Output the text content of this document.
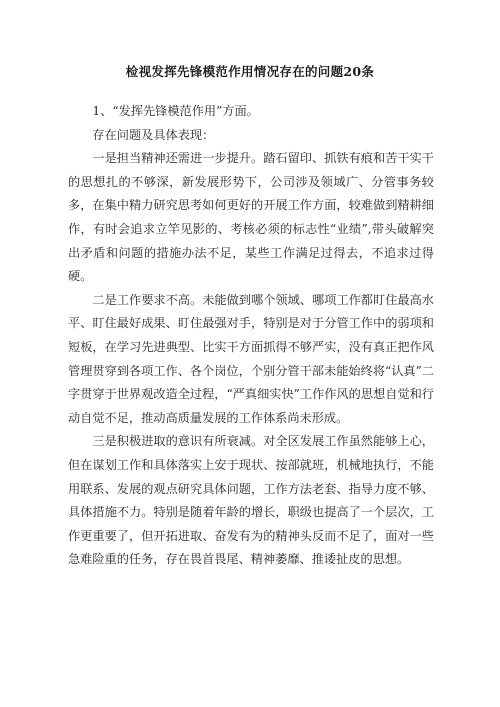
检视发挥先锋模范作用情况存在的问题20条

1、“发挥先锋模范作用”方面。

存在问题及具体表现：

一是担当精神还需进一步提升。踏石留印、抓铁有痕和苦干实干的思想扎的不够深，新发展形势下，公司涉及领域广、分管事务较多，在集中精力研究思考如何更好的开展工作方面，较难做到精耕细作，有时会追求立竿见影的、考核必须的标志性“业绩”,带头破解突出矛盾和问题的措施办法不足，某些工作满足过得去，不追求过得硬。

二是工作要求不高。未能做到哪个领域、哪项工作都盯住最高水平、盯住最好成果、盯住最强对手，特别是对于分管工作中的弱项和短板，在学习先进典型、比实干方面抓得不够严实，没有真正把作风管理贯穿到各项工作、各个岗位，个别分管干部未能始终将“认真”二字贯穿于世界观改造全过程，“严真细实快”工作作风的思想自觉和行动自觉不足，推动高质量发展的工作体系尚未形成。

三是积极进取的意识有所衰减。对全区发展工作虽然能够上心，但在谋划工作和具体落实上安于现状、按部就班，机械地执行，不能用联系、发展的观点研究具体问题，工作方法老套、指导力度不够、具体措施不力。特别是随着年龄的增长，职级也提高了一个层次，工作更重要了，但开拓进取、奋发有为的精神头反而不足了，面对一些急难险重的任务，存在畏首畏尾、精神萎靡、推诿扯皮的思想。
